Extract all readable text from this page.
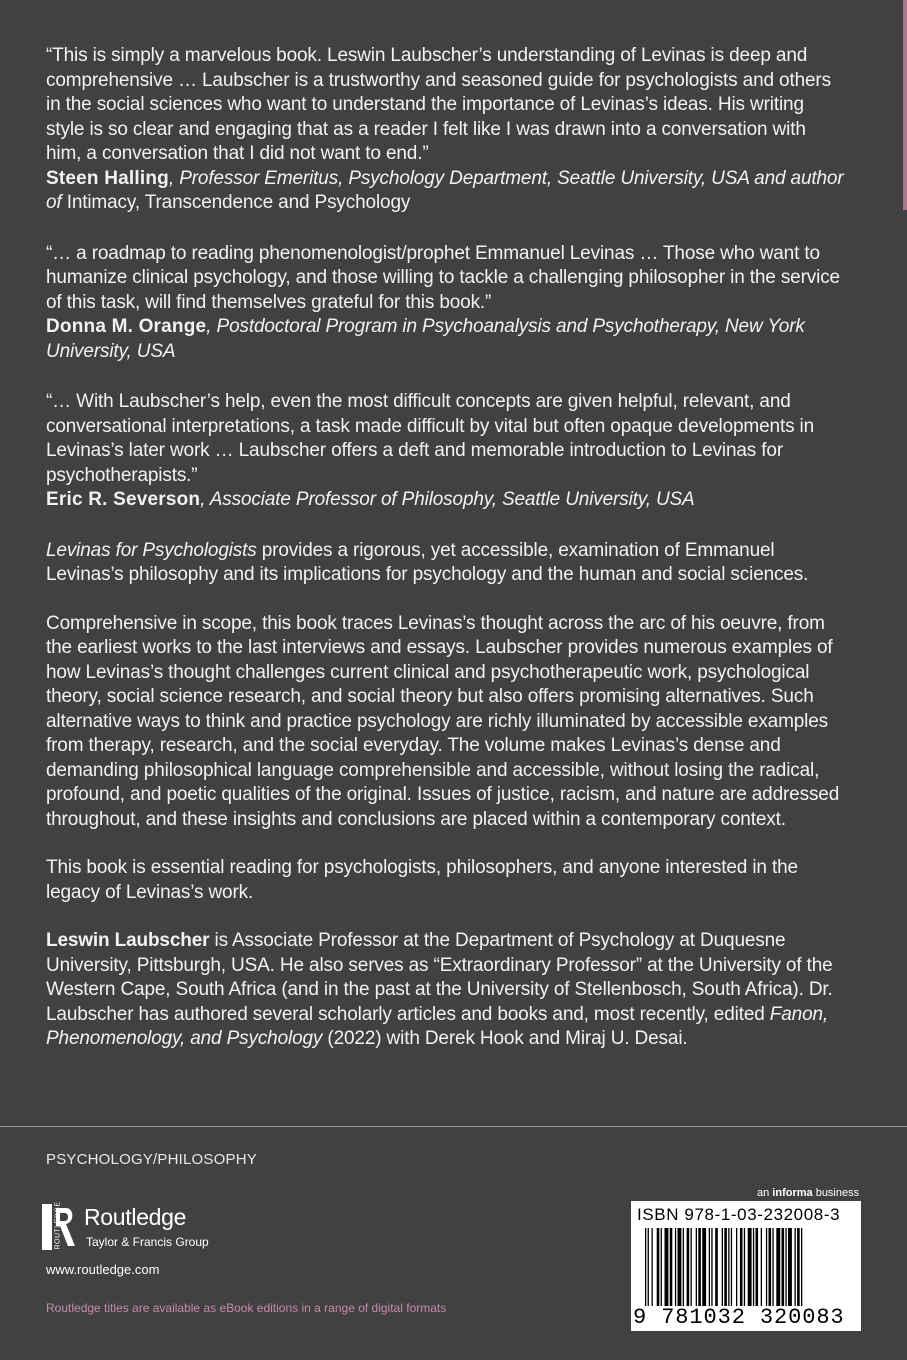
“This is simply a marvelous book. Leswin Laubscher’s understanding of Levinas is deep and comprehensive … Laubscher is a trustworthy and seasoned guide for psychologists and others in the social sciences who want to understand the importance of Levinas’s ideas. His writing style is so clear and engaging that as a reader I felt like I was drawn into a conversation with him, a conversation that I did not want to end.”

Steen Halling, Professor Emeritus, Psychology Department, Seattle University, USA and author of Intimacy, Transcendence and Psychology

“… a roadmap to reading phenomenologist/prophet Emmanuel Levinas … Those who want to humanize clinical psychology, and those willing to tackle a challenging philosopher in the service of this task, will find themselves grateful for this book.”

Donna M. Orange, Postdoctoral Program in Psychoanalysis and Psychotherapy, New York University, USA

“… With Laubscher’s help, even the most difficult concepts are given helpful, relevant, and conversational interpretations, a task made difficult by vital but often opaque developments in Levinas’s later work … Laubscher offers a deft and memorable introduction to Levinas for psychotherapists.”

Eric R. Severson, Associate Professor of Philosophy, Seattle University, USA

Levinas for Psychologists provides a rigorous, yet accessible, examination of Emmanuel Levinas’s philosophy and its implications for psychology and the human and social sciences.

Comprehensive in scope, this book traces Levinas’s thought across the arc of his oeuvre, from the earliest works to the last interviews and essays. Laubscher provides numerous examples of how Levinas’s thought challenges current clinical and psychotherapeutic work, psychological theory, social science research, and social theory but also offers promising alternatives. Such alternative ways to think and practice psychology are richly illuminated by accessible examples from therapy, research, and the social everyday. The volume makes Levinas’s dense and demanding philosophical language comprehensible and accessible, without losing the radical, profound, and poetic qualities of the original. Issues of justice, racism, and nature are addressed throughout, and these insights and conclusions are placed within a contemporary context.

This book is essential reading for psychologists, philosophers, and anyone interested in the legacy of Levinas’s work.

Leswin Laubscher is Associate Professor at the Department of Psychology at Duquesne University, Pittsburgh, USA. He also serves as “Extraordinary Professor” at the University of the Western Cape, South Africa (and in the past at the University of Stellenbosch, South Africa). Dr. Laubscher has authored several scholarly articles and books and, most recently, edited Fanon, Phenomenology, and Psychology (2022) with Derek Hook and Miraj U. Desai.

PSYCHOLOGY/PHILOSOPHY
ROUTLEDGE Routledge
Taylor & Francis Group
www.routledge.com
Routledge titles are available as eBook editions in a range of digital formats
an informa business
ISBN 978-1-03-232008-3
9 781032 320083
